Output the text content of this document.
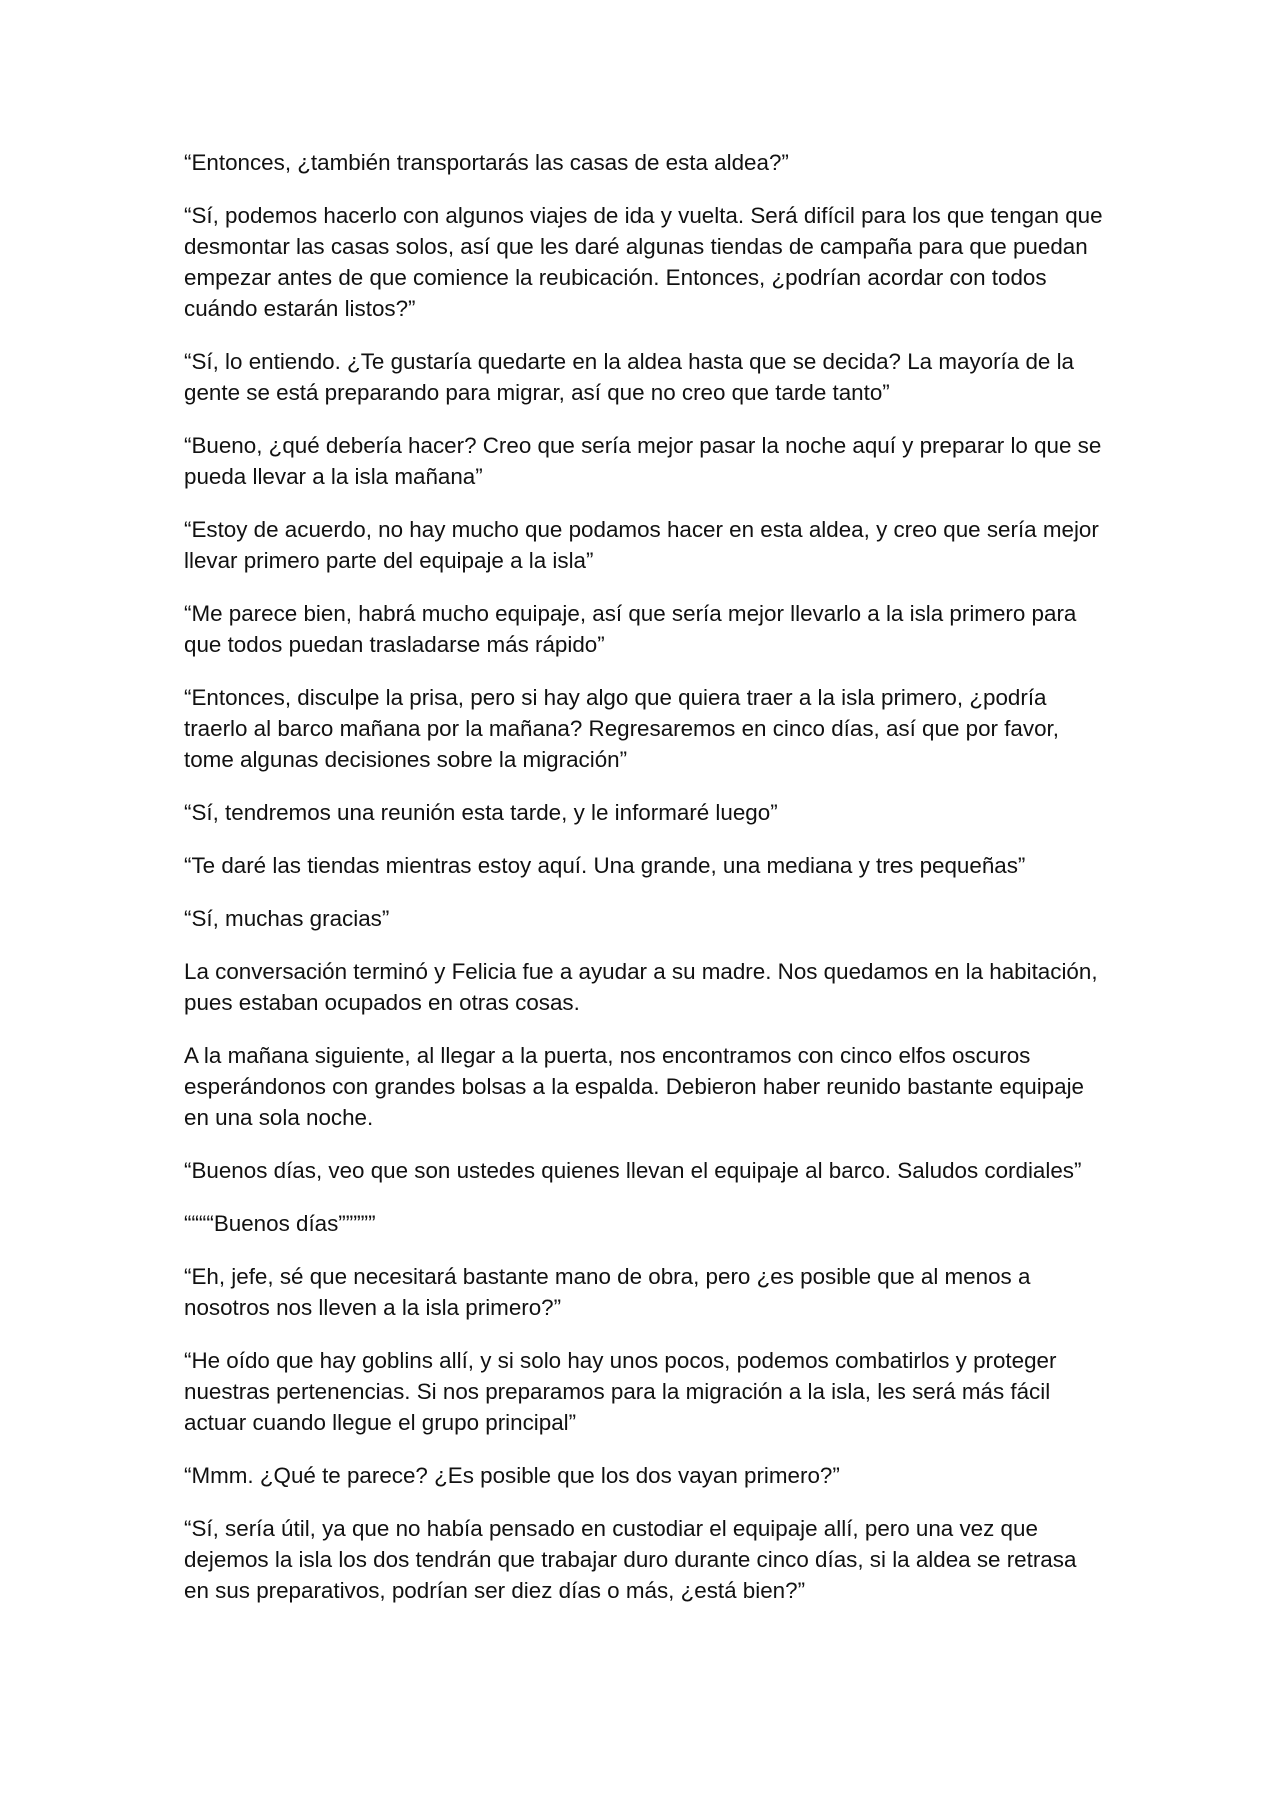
“Entonces, ¿también transportarás las casas de esta aldea?”

“Sí, podemos hacerlo con algunos viajes de ida y vuelta. Será difícil para los que tengan que desmontar las casas solos, así que les daré algunas tiendas de campaña para que puedan empezar antes de que comience la reubicación. Entonces, ¿podrían acordar con todos cuándo estarán listos?”

“Sí, lo entiendo. ¿Te gustaría quedarte en la aldea hasta que se decida? La mayoría de la gente se está preparando para migrar, así que no creo que tarde tanto”

“Bueno, ¿qué debería hacer? Creo que sería mejor pasar la noche aquí y preparar lo que se pueda llevar a la isla mañana”

“Estoy de acuerdo, no hay mucho que podamos hacer en esta aldea, y creo que sería mejor llevar primero parte del equipaje a la isla”

“Me parece bien, habrá mucho equipaje, así que sería mejor llevarlo a la isla primero para que todos puedan trasladarse más rápido”

“Entonces, disculpe la prisa, pero si hay algo que quiera traer a la isla primero, ¿podría traerlo al barco mañana por la mañana? Regresaremos en cinco días, así que por favor, tome algunas decisiones sobre la migración”

“Sí, tendremos una reunión esta tarde, y le informaré luego”

“Te daré las tiendas mientras estoy aquí. Una grande, una mediana y tres pequeñas”

“Sí, muchas gracias”

La conversación terminó y Felicia fue a ayudar a su madre. Nos quedamos en la habitación, pues estaban ocupados en otras cosas.

A la mañana siguiente, al llegar a la puerta, nos encontramos con cinco elfos oscuros esperándonos con grandes bolsas a la espalda. Debieron haber reunido bastante equipaje en una sola noche.

“Buenos días, veo que son ustedes quienes llevan el equipaje al barco. Saludos cordiales”

““““Buenos días”””””

“Eh, jefe, sé que necesitará bastante mano de obra, pero ¿es posible que al menos a nosotros nos lleven a la isla primero?”

“He oído que hay goblins allí, y si solo hay unos pocos, podemos combatirlos y proteger nuestras pertenencias. Si nos preparamos para la migración a la isla, les será más fácil actuar cuando llegue el grupo principal”

“Mmm. ¿Qué te parece? ¿Es posible que los dos vayan primero?”

“Sí, sería útil, ya que no había pensado en custodiar el equipaje allí, pero una vez que dejemos la isla los dos tendrán que trabajar duro durante cinco días, si la aldea se retrasa en sus preparativos, podrían ser diez días o más, ¿está bien?”
